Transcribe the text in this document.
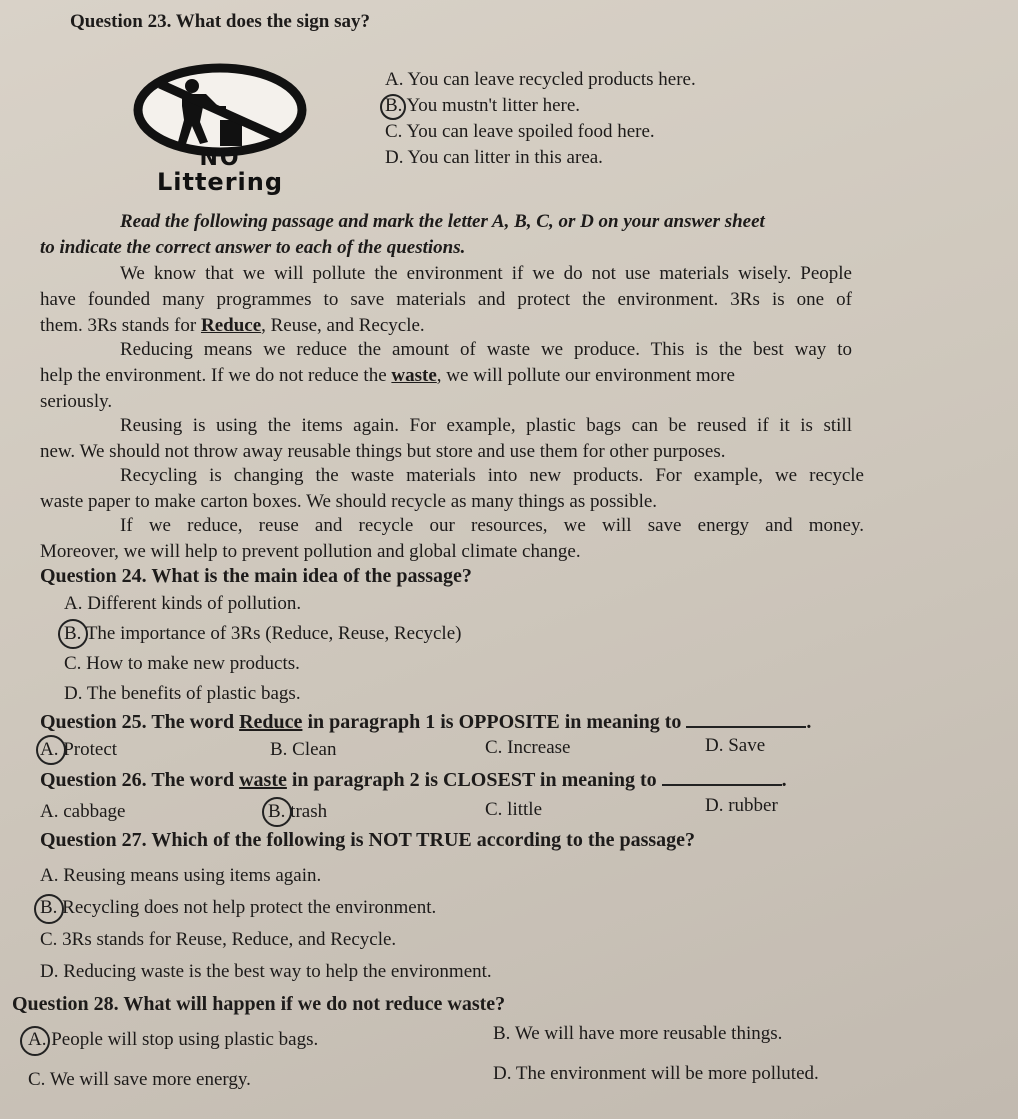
Question 23. What does the sign say?
NO
Littering
A. You can leave recycled products here.
B. You mustn't litter here.
C. You can leave spoiled food here.
D. You can litter in this area.
Read the following passage and mark the letter A, B, C, or D on your answer sheet
to indicate the correct answer to each of the questions.
We know that we will pollute the environment if we do not use materials wisely. People
have founded many programmes to save materials and protect the environment. 3Rs is one of
them. 3Rs stands for Reduce, Reuse, and Recycle.
Reducing means we reduce the amount of waste we produce. This is the best way to
help the environment. If we do not reduce the waste, we will pollute our environment more
seriously.
Reusing is using the items again. For example, plastic bags can be reused if it is still
new. We should not throw away reusable things but store and use them for other purposes.
Recycling is changing the waste materials into new products. For example, we recycle
waste paper to make carton boxes. We should recycle as many things as possible.
If we reduce, reuse and recycle our resources, we will save energy and money.
Moreover, we will help to prevent pollution and global climate change.
Question 24. What is the main idea of the passage?
A. Different kinds of pollution.
B. The importance of 3Rs (Reduce, Reuse, Recycle)
C. How to make new products.
D. The benefits of plastic bags.
Question 25. The word Reduce in paragraph 1 is OPPOSITE in meaning to	.
A. Protect	B. Clean	C. Increase	D. Save
Question 26. The word waste in paragraph 2 is CLOSEST in meaning to	.
A. cabbage	B. trash	C. little	D. rubber
Question 27. Which of the following is NOT TRUE according to the passage?
A. Reusing means using items again.
B. Recycling does not help protect the environment.
C. 3Rs stands for Reuse, Reduce, and Recycle.
D. Reducing waste is the best way to help the environment.
Question 28. What will happen if we do not reduce waste?
A. People will stop using plastic bags.	B. We will have more reusable things.
C. We will save more energy.	D. The environment will be more polluted.
